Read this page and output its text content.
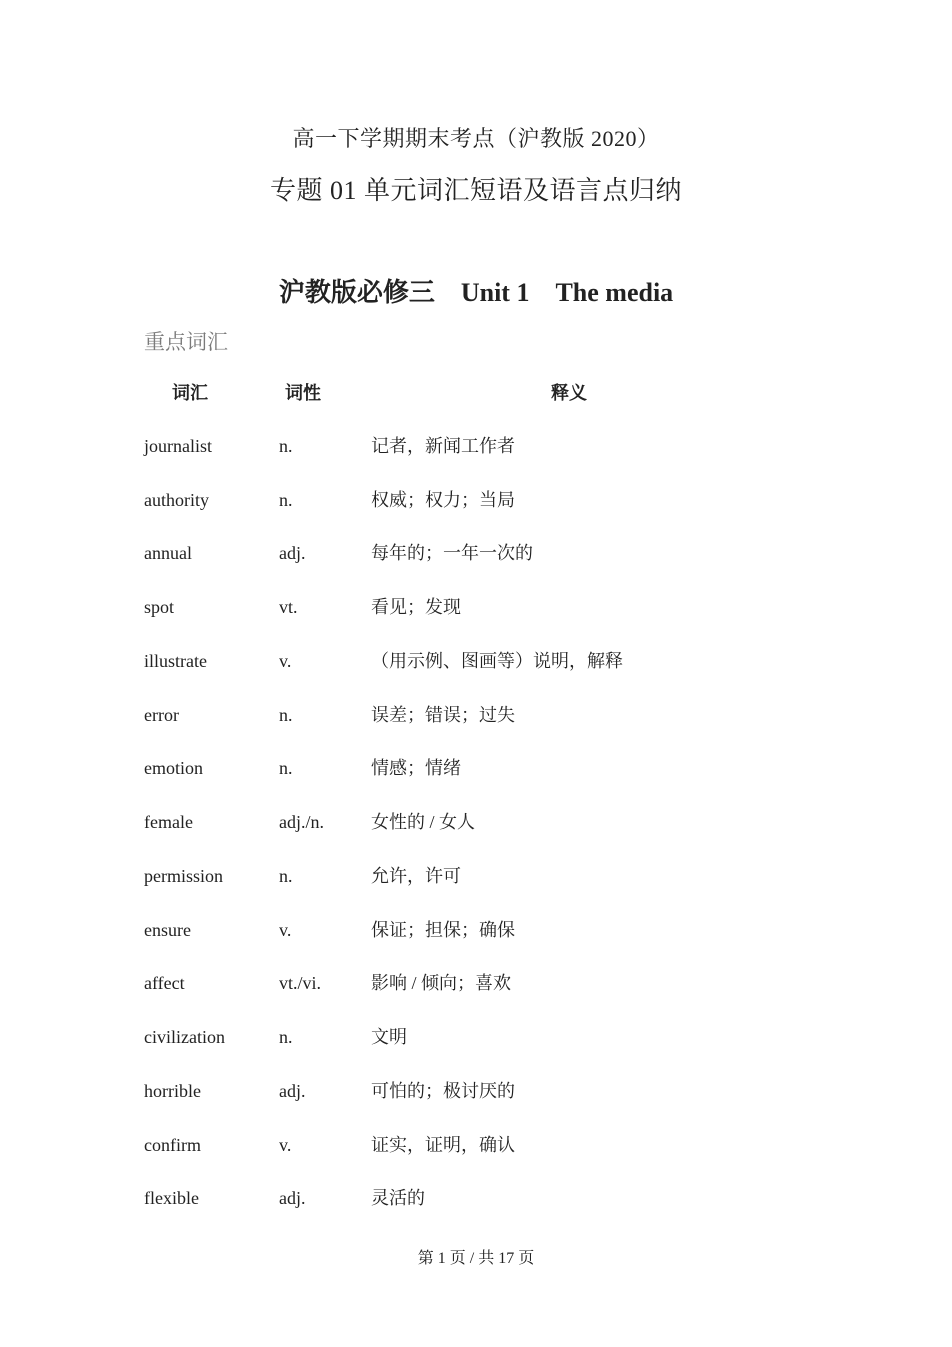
高一下学期期末考点（沪教版 2020）
专题 01 单元词汇短语及语言点归纳
沪教版必修三　Unit 1　The media
重点词汇
词汇	词性	释义
journalist	n.	记者，新闻工作者
authority	n.	权威；权力；当局
annual	adj.	每年的；一年一次的
spot	vt.	看见；发现
illustrate	v.	（用示例、图画等）说明，解释
error	n.	误差；错误；过失
emotion	n.	情感；情绪
female	adj./n.	女性的 / 女人
permission	n.	允许，许可
ensure	v.	保证；担保；确保
affect	vt./vi.	影响 / 倾向；喜欢
civilization	n.	文明
horrible	adj.	可怕的；极讨厌的
confirm	v.	证实，证明，确认
flexible	adj.	灵活的
第 1 页 / 共 17 页
